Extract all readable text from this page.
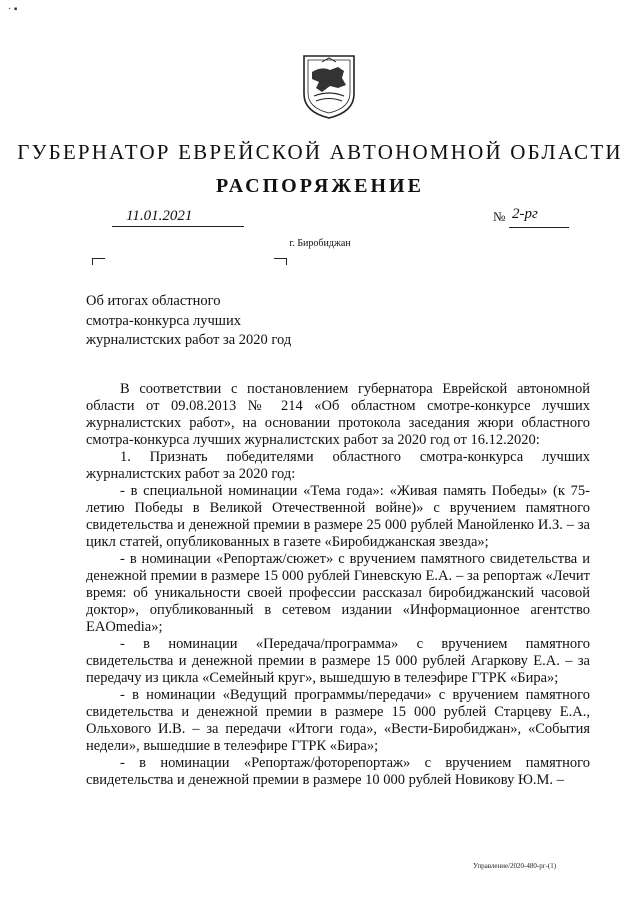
· ▪
ГУБЕРНАТОР ЕВРЕЙСКОЙ АВТОНОМНОЙ ОБЛАСТИ
РАСПОРЯЖЕНИЕ
11.01.2021	№ 2-рг
г. Биробиджан
Об итогах областного
смотра-конкурса лучших
журналистских работ за 2020 год

В соответствии с постановлением губернатора Еврейской автономной области от 09.08.2013 № 214 «Об областном смотре-конкурсе лучших журналистских работ», на основании протокола заседания жюри областного смотра-конкурса лучших журналистских работ за 2020 год от 16.12.2020:

1. Признать победителями областного смотра-конкурса лучших журналистских работ за 2020 год:

- в специальной номинации «Тема года»: «Живая память Победы» (к 75-летию Победы в Великой Отечественной войне)» с вручением памятного свидетельства и денежной премии в размере 25 000 рублей Манойленко И.З. – за цикл статей, опубликованных в газете «Биробиджанская звезда»;

- в номинации «Репортаж/сюжет» с вручением памятного свидетельства и денежной премии в размере 15 000 рублей Гиневскую Е.А. – за репортаж «Лечит время: об уникальности своей профессии рассказал биробиджанский часовой доктор», опубликованный в сетевом издании «Информационное агентство EAOmedia»;

- в номинации «Передача/программа» с вручением памятного свидетельства и денежной премии в размере 15 000 рублей Агаркову Е.А. – за передачу из цикла «Семейный круг», вышедшую в телеэфире ГТРК «Бира»;

- в номинации «Ведущий программы/передачи» с вручением памятного свидетельства и денежной премии в размере 15 000 рублей Старцеву Е.А., Ольхового И.В. – за передачи «Итоги года», «Вести-Биробиджан», «События недели», вышедшие в телеэфире ГТРК «Бира»;

- в номинации «Репортаж/фоторепортаж» с вручением памятного свидетельства и денежной премии в размере 10 000 рублей Новикову Ю.М. –

Управление/2020-480-рг-(1)
